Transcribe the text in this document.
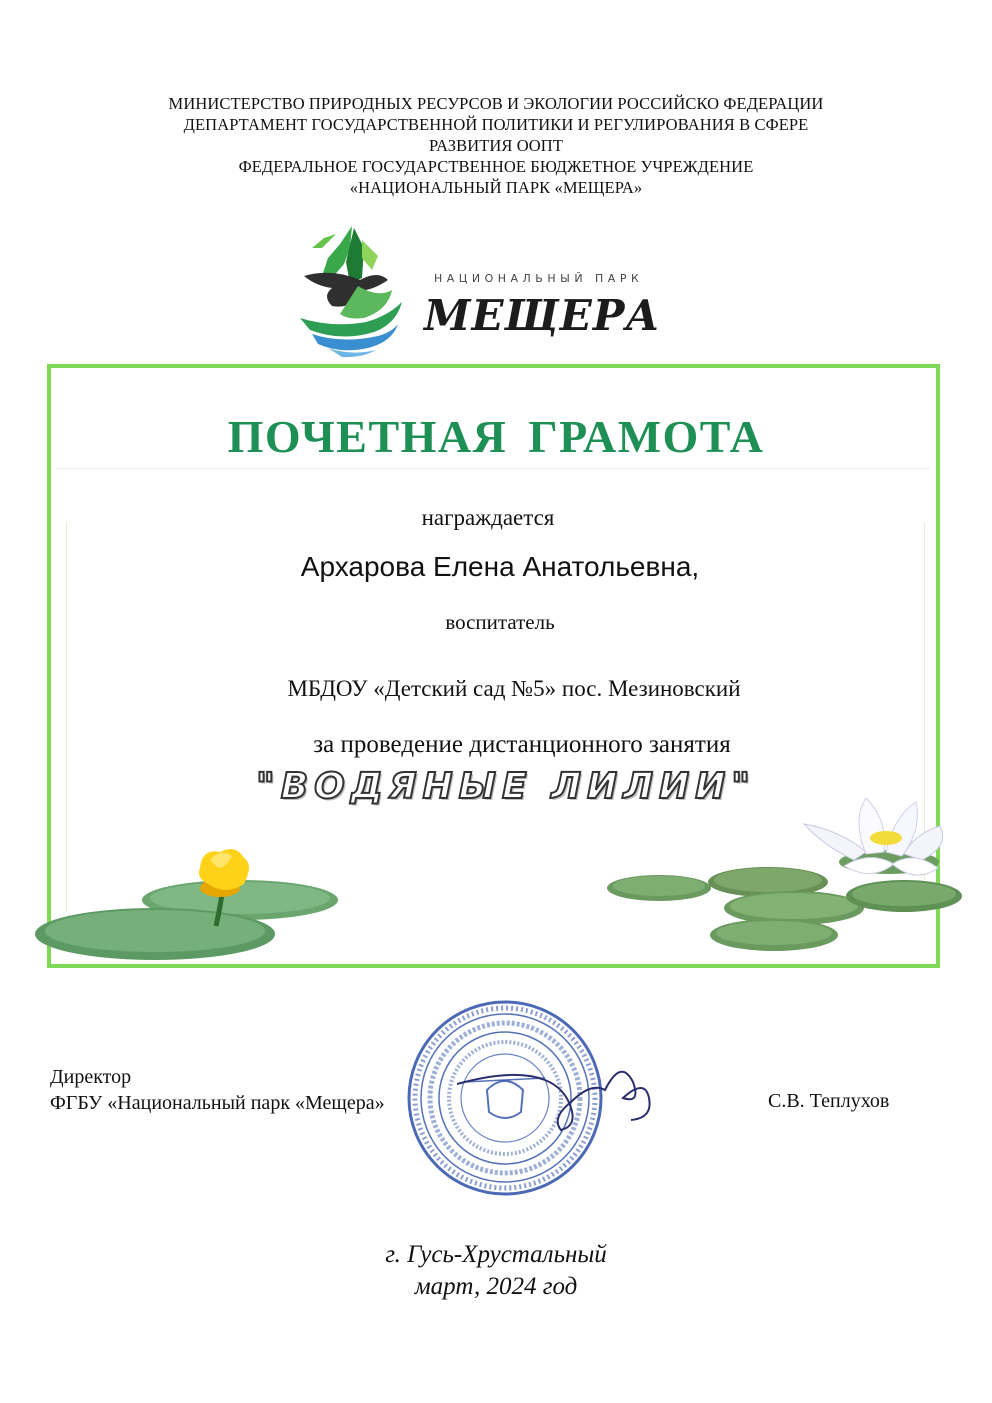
МИНИСТЕРСТВО ПРИРОДНЫХ РЕСУРСОВ И ЭКОЛОГИИ РОССИЙСКО ФЕДЕРАЦИИ
ДЕПАРТАМЕНТ ГОСУДАРСТВЕННОЙ ПОЛИТИКИ И РЕГУЛИРОВАНИЯ В СФЕРЕ
РАЗВИТИЯ ООПТ
ФЕДЕРАЛЬНОЕ ГОСУДАРСТВЕННОЕ БЮДЖЕТНОЕ УЧРЕЖДЕНИЕ
«НАЦИОНАЛЬНЫЙ ПАРК «МЕЩЕРА»
НАЦИОНАЛЬНЫЙ ПАРК
МЕЩЕРА
ПОЧЕТНАЯ ГРАМОТА
награждается
Архарова Елена Анатольевна,
воспитатель
МБДОУ «Детский сад №5» пос. Мезиновский
за проведение дистанционного занятия
"ВОДЯНЫЕ ЛИЛИИ"
Директор
ФГБУ «Национальный парк «Мещера»	С.В. Теплухов
г. Гусь-Хрустальный
март, 2024 год
